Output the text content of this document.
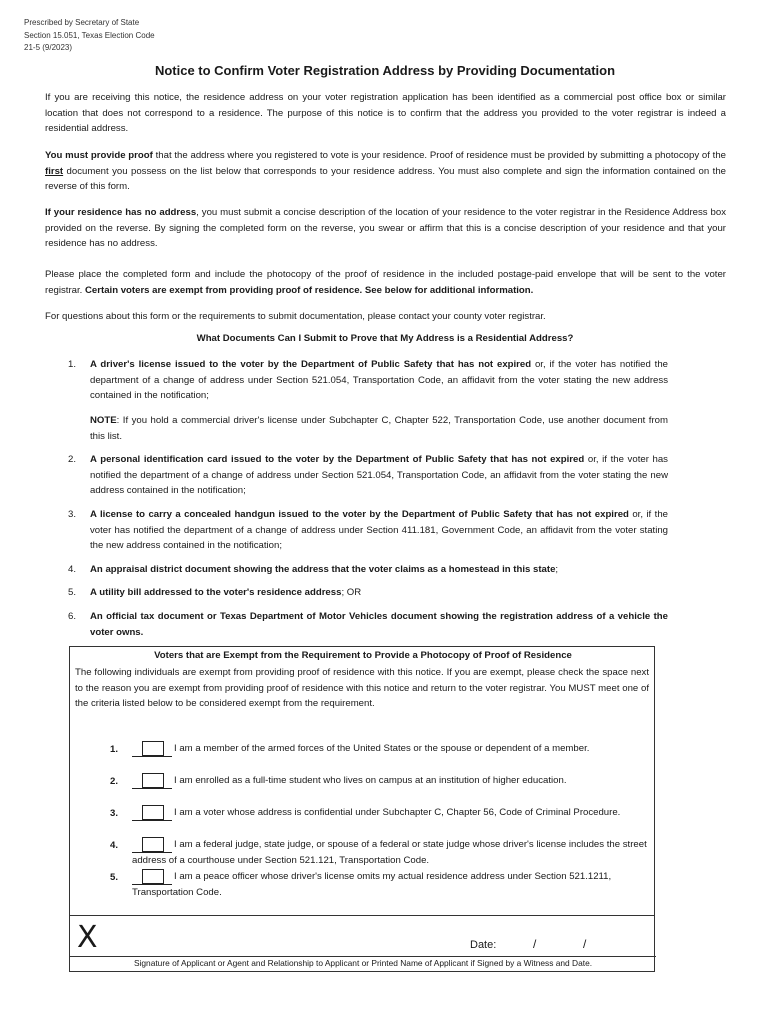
Prescribed by Secretary of State
Section 15.051, Texas Election Code
21-5 (9/2023)
Notice to Confirm Voter Registration Address by Providing Documentation
If you are receiving this notice, the residence address on your voter registration application has been identified as a commercial post office box or similar location that does not correspond to a residence. The purpose of this notice is to confirm that the address you provided to the voter registrar is indeed a residential address.
You must provide proof that the address where you registered to vote is your residence. Proof of residence must be provided by submitting a photocopy of the first document you possess on the list below that corresponds to your residence address. You must also complete and sign the information contained on the reverse of this form.
If your residence has no address, you must submit a concise description of the location of your residence to the voter registrar in the Residence Address box provided on the reverse. By signing the completed form on the reverse, you swear or affirm that this is a concise description of your residence and that your residence has no address.
Please place the completed form and include the photocopy of the proof of residence in the included postage-paid envelope that will be sent to the voter registrar. Certain voters are exempt from providing proof of residence. See below for additional information.
For questions about this form or the requirements to submit documentation, please contact your county voter registrar.
What Documents Can I Submit to Prove that My Address is a Residential Address?
1. A driver's license issued to the voter by the Department of Public Safety that has not expired or, if the voter has notified the department of a change of address under Section 521.054, Transportation Code, an affidavit from the voter stating the new address contained in the notification;
NOTE: If you hold a commercial driver's license under Subchapter C, Chapter 522, Transportation Code, use another document from this list.
2. A personal identification card issued to the voter by the Department of Public Safety that has not expired or, if the voter has notified the department of a change of address under Section 521.054, Transportation Code, an affidavit from the voter stating the new address contained in the notification;
3. A license to carry a concealed handgun issued to the voter by the Department of Public Safety that has not expired or, if the voter has notified the department of a change of address under Section 411.181, Government Code, an affidavit from the voter stating the new address contained in the notification;
4. An appraisal district document showing the address that the voter claims as a homestead in this state;
5. A utility bill addressed to the voter's residence address; OR
6. An official tax document or Texas Department of Motor Vehicles document showing the registration address of a vehicle the voter owns.
Voters that are Exempt from the Requirement to Provide a Photocopy of Proof of Residence
The following individuals are exempt from providing proof of residence with this notice. If you are exempt, please check the space next to the reason you are exempt from providing proof of residence with this notice and return to the voter registrar. You MUST meet one of the criteria listed below to be considered exempt from the requirement.
1.	I am a member of the armed forces of the United States or the spouse or dependent of a member.
2.	I am enrolled as a full-time student who lives on campus at an institution of higher education.
3.	I am a voter whose address is confidential under Subchapter C, Chapter 56, Code of Criminal Procedure.
4.	I am a federal judge, state judge, or spouse of a federal or state judge whose driver's license includes the street address of a courthouse under Section 521.121, Transportation Code.
5.	I am a peace officer whose driver's license omits my actual residence address under Section 521.1211, Transportation Code.
X	Date:	/	/
Signature of Applicant or Agent and Relationship to Applicant or Printed Name of Applicant if Signed by a Witness and Date.
